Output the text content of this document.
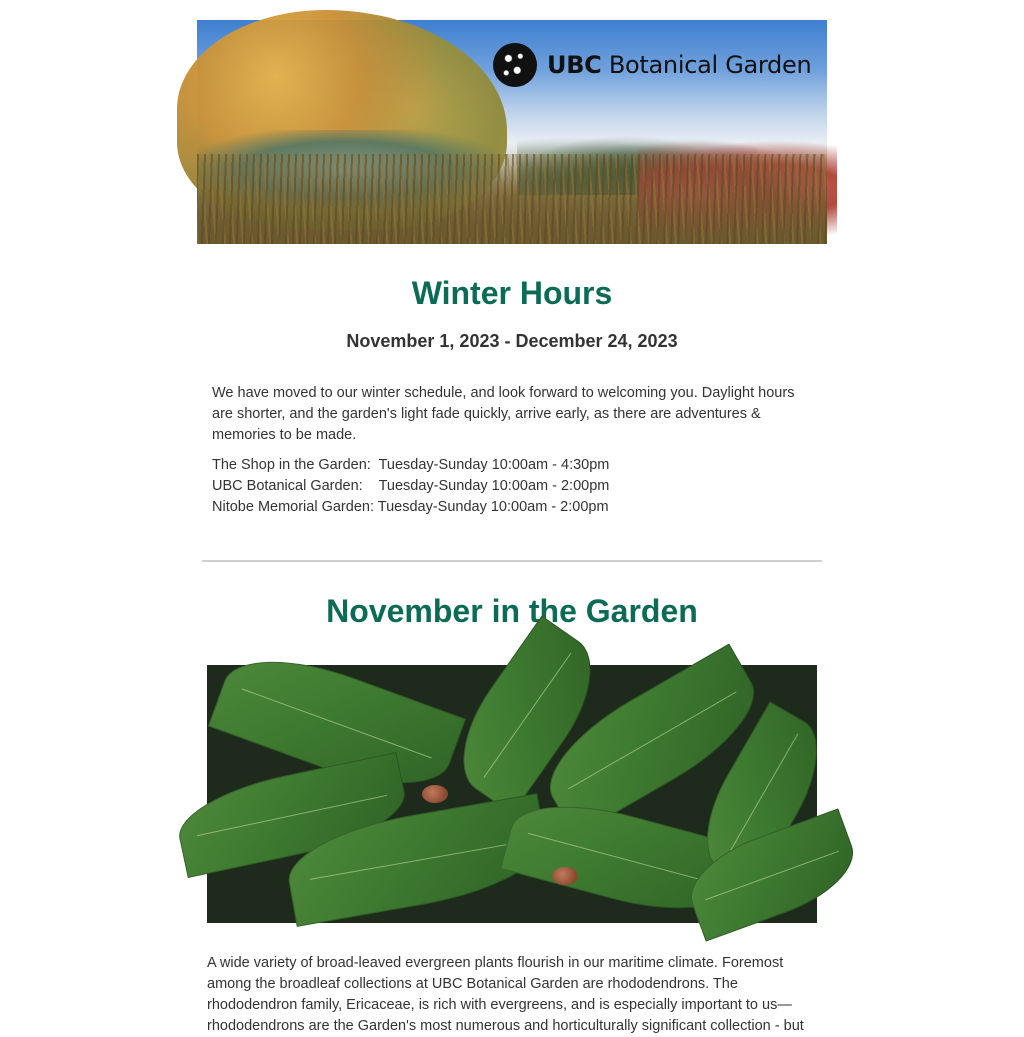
UBC Botanical Garden
Winter Hours
November 1, 2023 - December 24, 2023

We have moved to our winter schedule, and look forward to welcoming you. Daylight hours are shorter, and the garden's light fade quickly, arrive early, as there are adventures & memories to be made.

The Shop in the Garden:  Tuesday-Sunday 10:00am - 4:30pm
UBC Botanical Garden:    Tuesday-Sunday 10:00am - 2:00pm
Nitobe Memorial Garden: Tuesday-Sunday 10:00am - 2:00pm
November in the Garden

A wide variety of broad-leaved evergreen plants flourish in our maritime climate. Foremost among the broadleaf collections at UBC Botanical Garden are rhododendrons. The rhododendron family, Ericaceae, is rich with evergreens, and is especially important to us—rhododendrons are the Garden's most numerous and horticulturally significant collection - but
